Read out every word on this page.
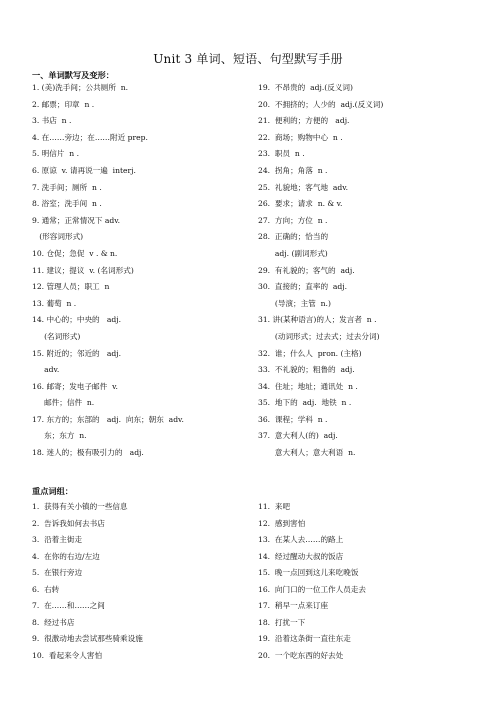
Unit 3 单词、短语、句型默写手册
一、单词默写及变形：
1. (美)洗手间；公共厕所  n.
2. 邮票；印章  n .
3. 书店  n .
4. 在……旁边；在……附近 prep.
5. 明信片  n .
6. 原谅  v. 请再说一遍  interj.
7. 洗手间；厕所  n .
8. 浴室；洗手间  n .
9. 通常；正常情况下 adv.
(形容词形式)
10. 仓促；急促  v . & n.
11. 建议；提议  v. (名词形式)
12. 管理人员；职工  n
13. 葡萄  n .
14. 中心的；中央的   adj.
(名词形式)
15. 附近的；邻近的   adj.
adv.
16. 邮寄；发电子邮件  v.
邮件；信件  n.
17. 东方的；东部的   adj.  向东；朝东  adv.
东；东方  n.
18. 迷人的；极有吸引力的   adj.
19.  不昂贵的  adj.(反义词)
20.  不拥挤的；人少的  adj.(反义词)
21.  便利的；方便的   adj.
22.  商场；购物中心  n .
23.  职员  n .
24.  拐角；角落  n .
25.  礼貌地；客气地  adv.
26.  要求；请求  n. & v.
27.  方向；方位  n .
28.  正确的；恰当的
adj. (副词形式)
29.  有礼貌的；客气的  adj.
30.  直接的；直率的  adj.
(导演；主管  n.)
31. 讲(某种语言)的人；发言者  n .
(动词形式；过去式；过去分词)
32.  谁；什么人  pron. (主格)
33.  不礼貌的；粗鲁的  adj.
34.  住址；地址；通讯处  n .
35.  地下的  adj.  地铁  n .
36.  课程；学科  n .
37.  意大利人(的)  adj.
意大利人；意大利语  n.
重点词组：
1.  获得有关小镇的一些信息
2.  告诉我如何去书店
3.  沿着主街走
4.  在你的右边/左边
5.  在银行旁边
6.  右转
7.  在……和……之间
8.  经过书店
9.  很激动地去尝试那些骑乘设施
10.  看起来令人害怕
11.  来吧
12.  感到害怕
13.  在某人去……的路上
14.  经过醒动大叔的饭店
15.  晚一点回到这儿来吃晚饭
16.  向门口的一位工作人员走去
17.  稍早一点来订座
18.  打扰一下
19.  沿着这条街一直往东走
20.  一个吃东西的好去处
